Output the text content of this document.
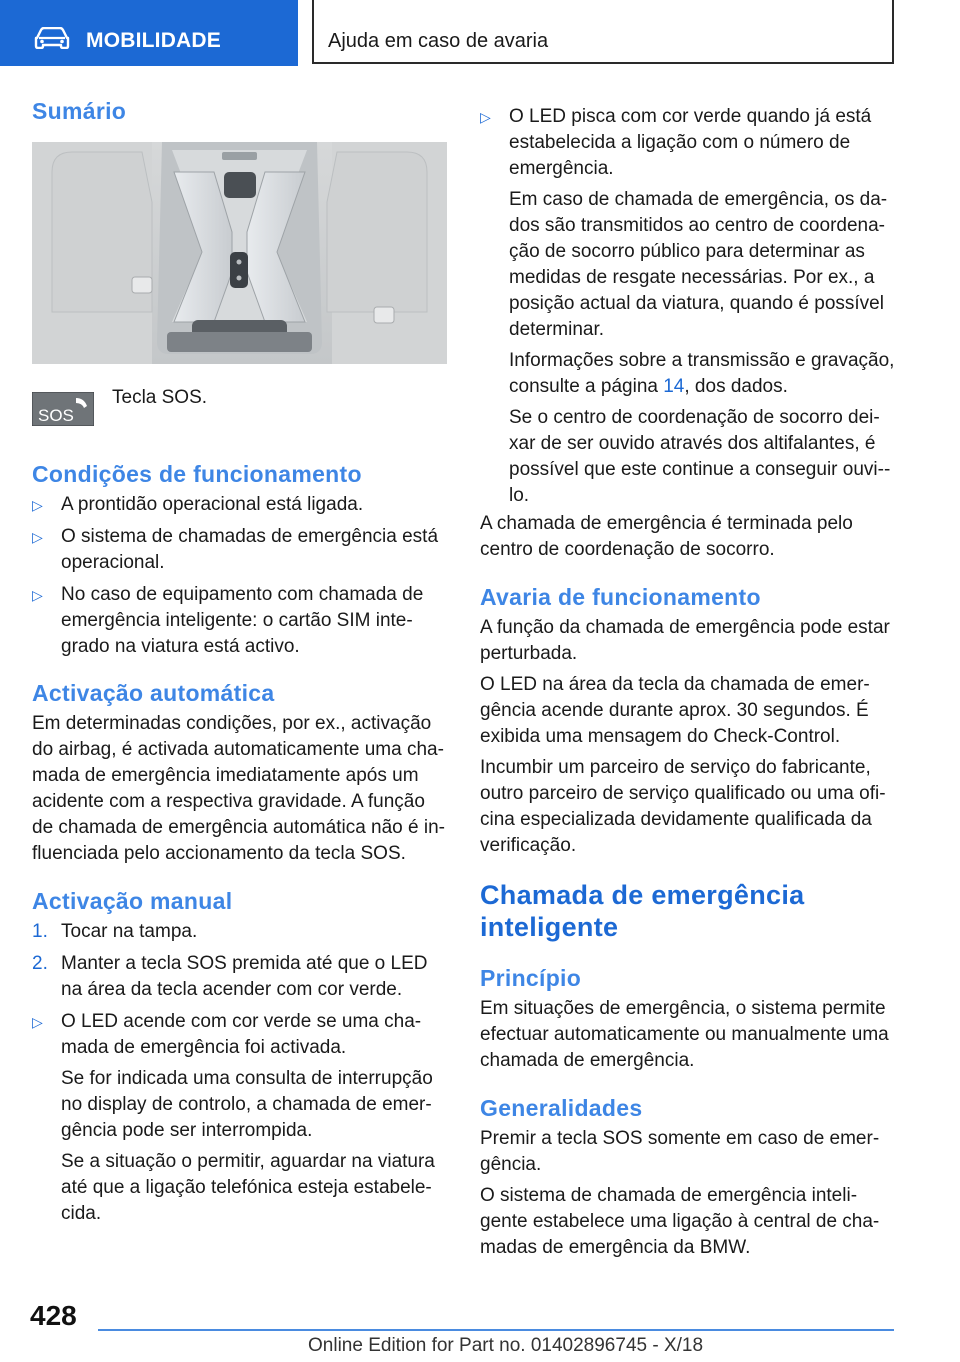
MOBILIDADE	Ajuda em caso de avaria
Sumário
SOS
Tecla SOS.
Condições de funcionamento
▷ A prontidão operacional está ligada.
▷ O sistema de chamadas de emergência está operacional.
▷ No caso de equipamento com chamada de emergência inteligente: o cartão SIM inte-grado na viatura está activo.
Activação automática

Em determinadas condições, por ex., activação do airbag, é activada automaticamente uma cha-mada de emergência imediatamente após um acidente com a respectiva gravidade. A função de chamada de emergência automática não é in-fluenciada pelo accionamento da tecla SOS.

Activação manual
1. Tocar na tampa.
2. Manter a tecla SOS premida até que o LED na área da tecla acender com cor verde.
▷ O LED acende com cor verde se uma cha-mada de emergência foi activada.
Se for indicada uma consulta de interrupção no display de controlo, a chamada de emer-gência pode ser interrompida.
Se a situação o permitir, aguardar na viatura até que a ligação telefónica esteja estabele-cida.
▷ O LED pisca com cor verde quando já está estabelecida a ligação com o número de emergência.
Em caso de chamada de emergência, os da-dos são transmitidos ao centro de coordena-ção de socorro público para determinar as medidas de resgate necessárias. Por ex., a posição actual da viatura, quando é possível determinar.
Informações sobre a transmissão e gravação, consulte a página 14, dos dados.
Se o centro de coordenação de socorro dei-xar de ser ouvido através dos altifalantes, é possível que este continue a conseguir ouvi--lo.

A chamada de emergência é terminada pelo centro de coordenação de socorro.

Avaria de funcionamento

A função da chamada de emergência pode estar perturbada.

O LED na área da tecla da chamada de emer-gência acende durante aprox. 30 segundos. É exibida uma mensagem do Check-Control.

Incumbir um parceiro de serviço do fabricante, outro parceiro de serviço qualificado ou uma ofi-cina especializada devidamente qualificada da verificação.

Chamada de emergência inteligente
Princípio

Em situações de emergência, o sistema permite efectuar automaticamente ou manualmente uma chamada de emergência.

Generalidades

Premir a tecla SOS somente em caso de emer-gência.

O sistema de chamada de emergência inteli-gente estabelece uma ligação à central de cha-madas de emergência da BMW.

428
Online Edition for Part no. 01402896745 - X/18
